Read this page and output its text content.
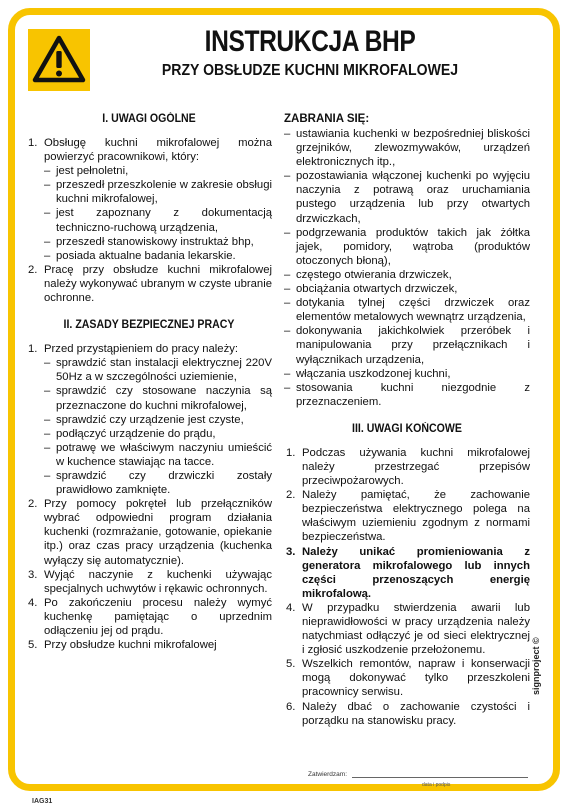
INSTRUKCJA BHP
PRZY OBSŁUDZE KUCHNI MIKROFALOWEJ
I. UWAGI OGÓLNE
1. Obsługę kuchni mikrofalowej można powierzyć pracownikowi, który:
– jest pełnoletni,
– przeszedł przeszkolenie w zakresie obsługi kuchni mikrofalowej,
– jest zapoznany z dokumentacją techniczno-ruchową urządzenia,
– przeszedł stanowiskowy instruktaż bhp,
– posiada aktualne badania lekarskie.
2. Pracę przy obsłudze kuchni mikrofalowej należy wykonywać ubranym w czyste ubranie ochronne.
II. ZASADY BEZPIECZNEJ PRACY
1. Przed przystąpieniem do pracy należy:
– sprawdzić stan instalacji elektrycznej 220V 50Hz a w szczególności uziemienie,
– sprawdzić czy stosowane naczynia są przeznaczone do kuchni mikrofalowej,
– sprawdzić czy urządzenie jest czyste,
– podłączyć urządzenie do prądu,
– potrawę we właściwym naczyniu umieścić w kuchence stawiając na tacce.
– sprawdzić czy drzwiczki zostały prawidłowo zamknięte.
2. Przy pomocy pokręteł lub przełączników wybrać odpowiedni program działania kuchenki (rozmrażanie, gotowanie, opiekanie itp.) oraz czas pracy urządzenia (kuchenka wyłączy się automatycznie).
3. Wyjąć naczynie z kuchenki używając specjalnych uchwytów i rękawic ochronnych.
4. Po zakończeniu procesu należy wymyć kuchenkę pamiętając o uprzednim odłączeniu jej od prądu.
5. Przy obsłudze kuchni mikrofalowej
ZABRANIA SIĘ:
– ustawiania kuchenki w bezpośredniej bliskości grzejników, zlewozmywaków, urządzeń elektronicznych itp.,
– pozostawiania włączonej kuchenki po wyjęciu naczynia z potrawą oraz uruchamiania pustego urządzenia lub przy otwartych drzwiczkach,
– podgrzewania produktów takich jak żółtka jajek, pomidory, wątroba (produktów otoczonych błoną),
– częstego otwierania drzwiczek,
– obciążania otwartych drzwiczek,
– dotykania tylnej części drzwiczek oraz elementów metalowych wewnątrz urządzenia,
– dokonywania jakichkolwiek przeróbek i manipulowania przy przełącznikach i wyłącznikach urządzenia,
– włączania uszkodzonej kuchni,
– stosowania kuchni niezgodnie z przeznaczeniem.
III. UWAGI KOŃCOWE
1. Podczas używania kuchni mikrofalowej należy przestrzegać przepisów przeciwpożarowych.
2. Należy pamiętać, że zachowanie bezpieczeństwa elektrycznego polega na właściwym uziemieniu zgodnym z normami bezpieczeństwa.
3. Należy unikać promieniowania z generatora mikrofalowego lub innych części przenoszących energię mikrofalową.
4. W przypadku stwierdzenia awarii lub nieprawidłowości w pracy urządzenia należy natychmiast odłączyć je od sieci elektrycznej i zgłosić uszkodzenie przełożonemu.
5. Wszelkich remontów, napraw i konserwacji mogą dokonywać tylko przeszkoleni pracownicy serwisu.
6. Należy dbać o zachowanie czystości i porządku na stanowisku pracy.
Zatwierdzam:
data i podpis
signproject ©
IAG31
